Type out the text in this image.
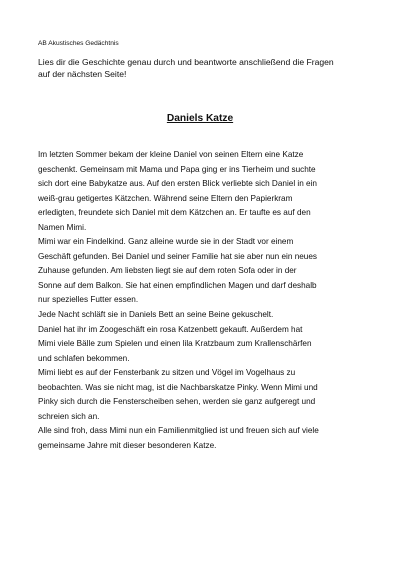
AB Akustisches Gedächtnis
Lies dir die Geschichte genau durch und beantworte anschließend die Fragen
auf der nächsten Seite!
Daniels Katze
Im letzten Sommer bekam der kleine Daniel von seinen Eltern eine Katze
geschenkt. Gemeinsam mit Mama und Papa ging er ins Tierheim und suchte
sich dort eine Babykatze aus. Auf den ersten Blick verliebte sich Daniel in ein
weiß-grau getigertes Kätzchen. Während seine Eltern den Papierkram
erledigten, freundete sich Daniel mit dem Kätzchen an. Er taufte es auf den
Namen Mimi.
Mimi war ein Findelkind. Ganz alleine wurde sie in der Stadt vor einem
Geschäft gefunden. Bei Daniel und seiner Familie hat sie aber nun ein neues
Zuhause gefunden. Am liebsten liegt sie auf dem roten Sofa oder in der
Sonne auf dem Balkon. Sie hat einen empfindlichen Magen und darf deshalb
nur spezielles Futter essen.
Jede Nacht schläft sie in Daniels Bett an seine Beine gekuschelt.
Daniel hat ihr im Zoogeschäft ein rosa Katzenbett gekauft. Außerdem hat
Mimi viele Bälle zum Spielen und einen lila Kratzbaum zum Krallenschärfen
und schlafen bekommen.
Mimi liebt es auf der Fensterbank zu sitzen und Vögel im Vogelhaus zu
beobachten. Was sie nicht mag, ist die Nachbarskatze Pinky. Wenn Mimi und
Pinky sich durch die Fensterscheiben sehen, werden sie ganz aufgeregt und
schreien sich an.
Alle sind froh, dass Mimi nun ein Familienmitglied ist und freuen sich auf viele
gemeinsame Jahre mit dieser besonderen Katze.
